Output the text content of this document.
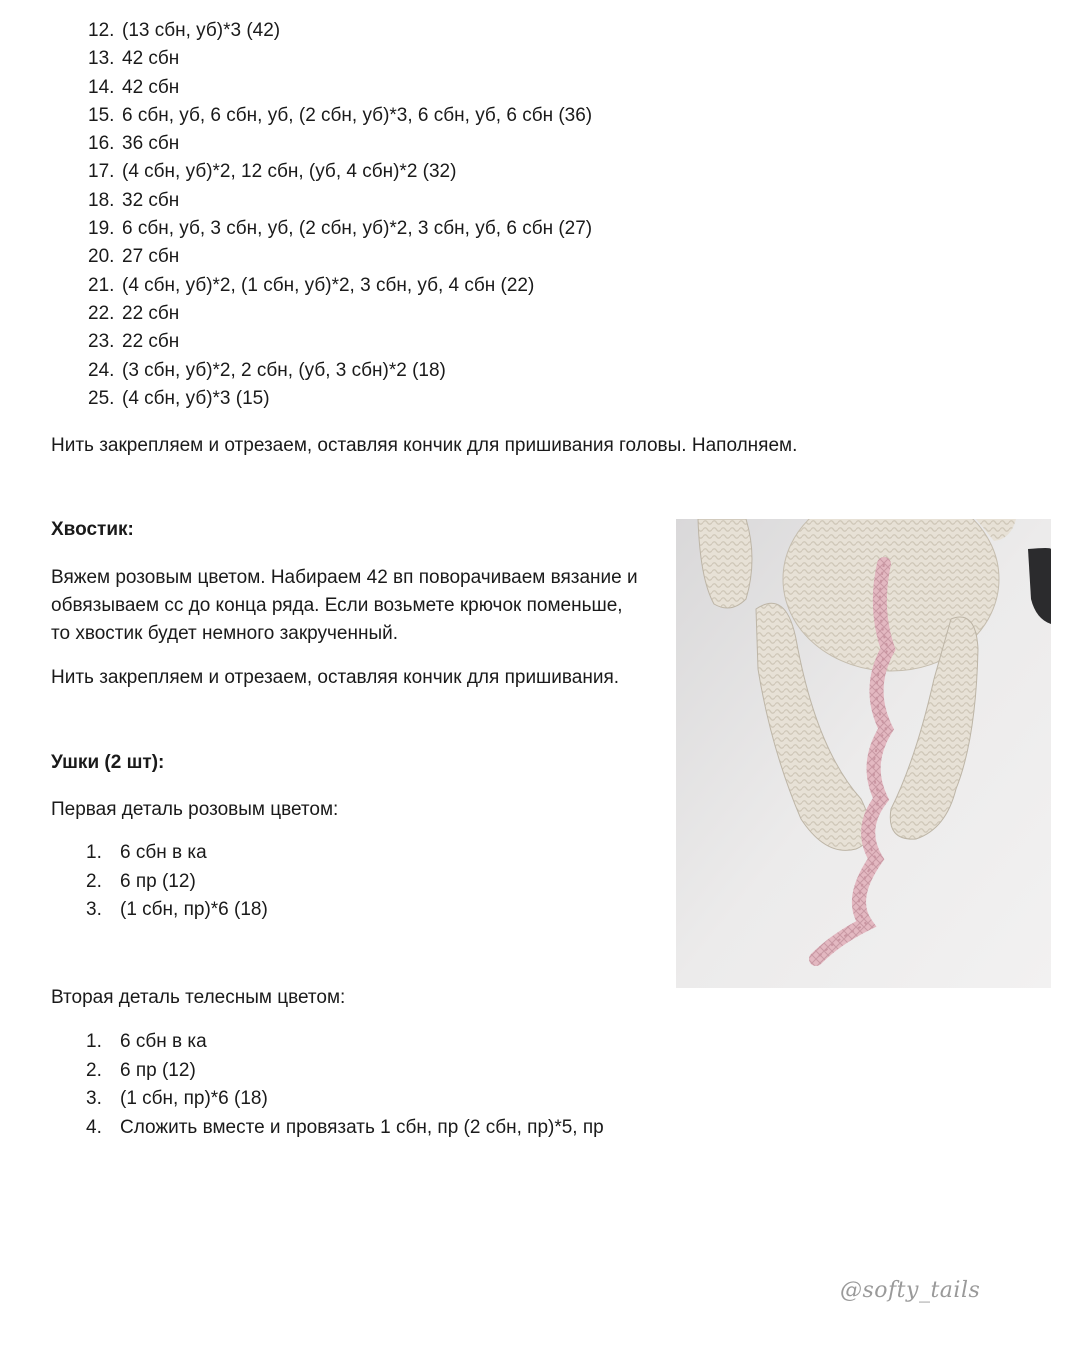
12. (13 сбн, уб)*3 (42)
13. 42 сбн
14. 42 сбн
15. 6 сбн, уб, 6 сбн, уб, (2 сбн, уб)*3, 6 сбн, уб, 6 сбн (36)
16. 36 сбн
17. (4 сбн, уб)*2, 12 сбн, (уб, 4 сбн)*2 (32)
18. 32 сбн
19. 6 сбн, уб, 3 сбн, уб, (2 сбн, уб)*2, 3 сбн, уб, 6 сбн (27)
20. 27 сбн
21. (4 сбн, уб)*2, (1 сбн, уб)*2, 3 сбн, уб, 4 сбн (22)
22. 22 сбн
23. 22 сбн
24. (3 сбн, уб)*2, 2 сбн, (уб, 3 сбн)*2 (18)
25. (4 сбн, уб)*3 (15)

Нить закрепляем и отрезаем, оставляя кончик для пришивания головы. Наполняем.

Хвостик:

Вяжем розовым цветом. Набираем 42 вп поворачиваем вязание и

обвязываем сс до конца ряда. Если возьмете крючок поменьше,

то хвостик будет немного закрученный.

Нить закрепляем и отрезаем, оставляя кончик для пришивания.

Ушки (2 шт):

Первая деталь розовым цветом:

1. 6 сбн в ка
2. 6 пр (12)
3. (1 сбн, пр)*6 (18)

Вторая деталь телесным цветом:

1. 6 сбн в ка
2. 6 пр (12)
3. (1 сбн, пр)*6 (18)
4. Сложить вместе и провязать 1 сбн, пр (2 сбн, пр)*5, пр
@softy_tails
